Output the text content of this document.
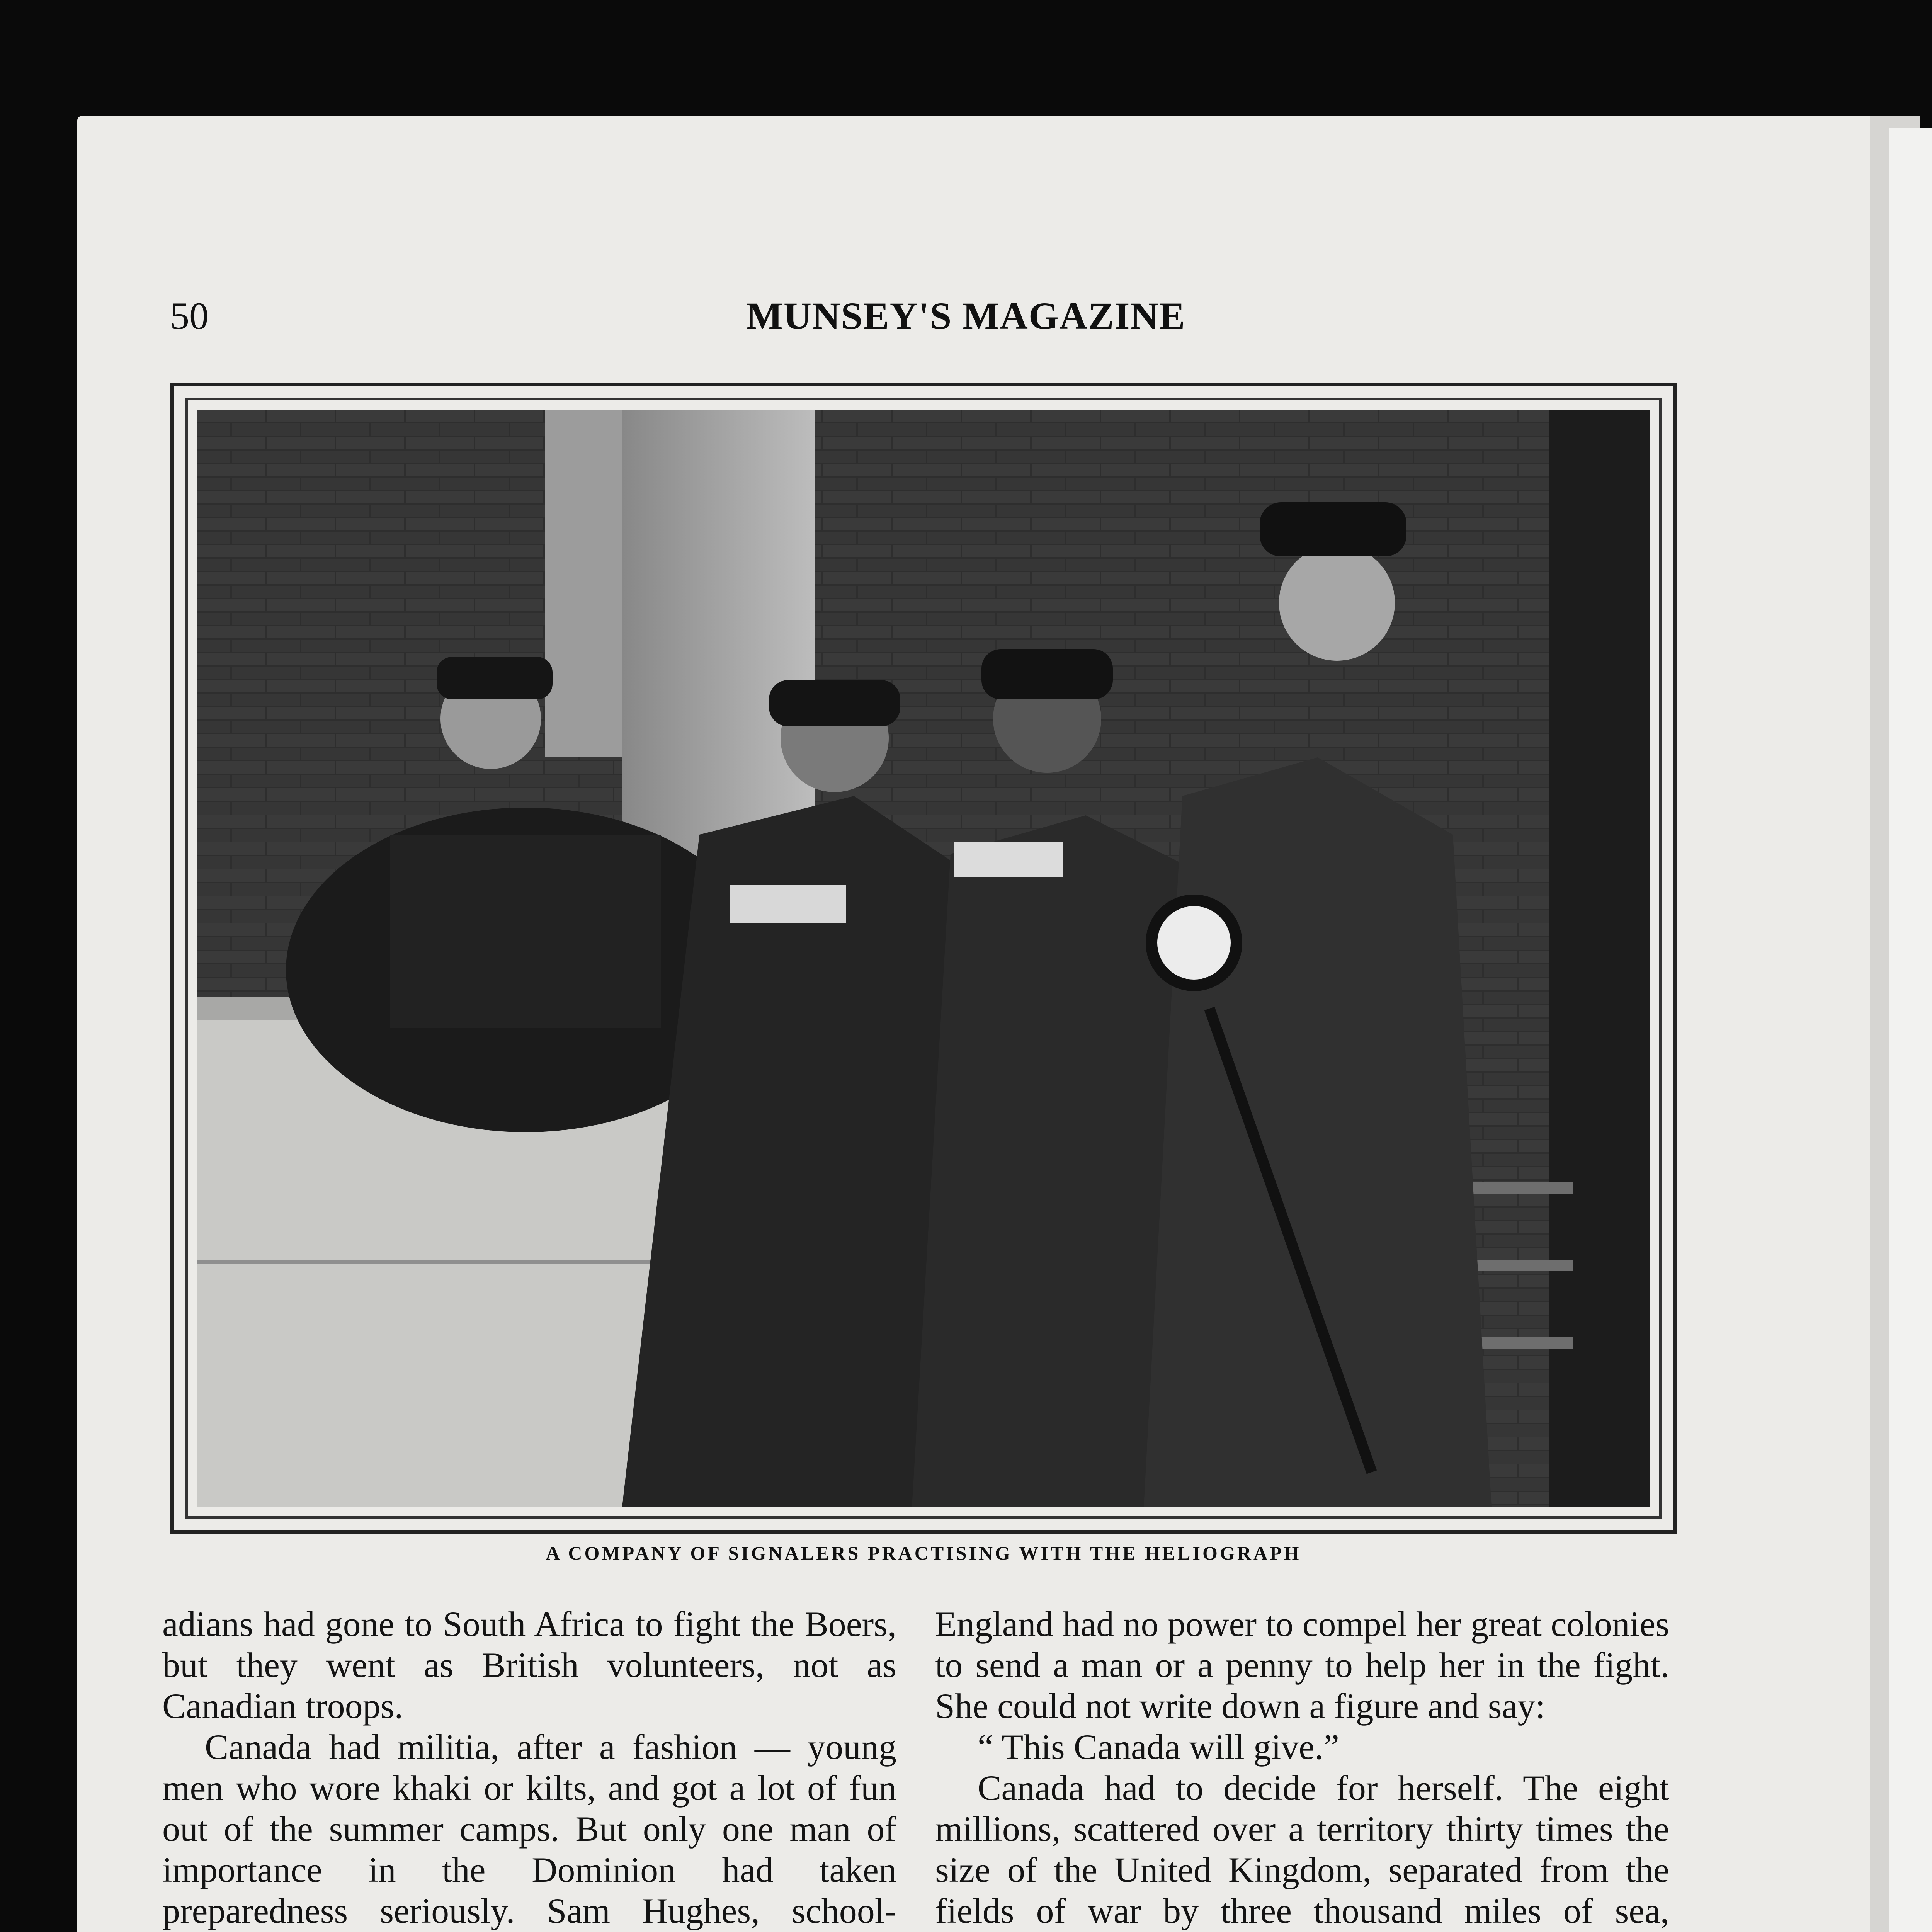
50	MUNSEY'S MAGAZINE
A COMPANY OF SIGNALERS PRACTISING WITH THE HELIOGRAPH

adians had gone to South Africa to fight the Boers, but they went as British volunteers, not as Canadian troops.

Canada had militia, after a fashion — young men who wore khaki or kilts, and got a lot of fun out of the summer camps. But only one man of importance in the Dominion had taken preparedness seriously. Sam Hughes, school-

England had no power to compel her great colonies to send a man or a penny to help her in the fight. She could not write down a figure and say:

“ This Canada will give.”

Canada had to decide for herself. The eight millions, scattered over a territory thirty times the size of the United Kingdom, separated from the fields of war by three thousand miles of sea,
